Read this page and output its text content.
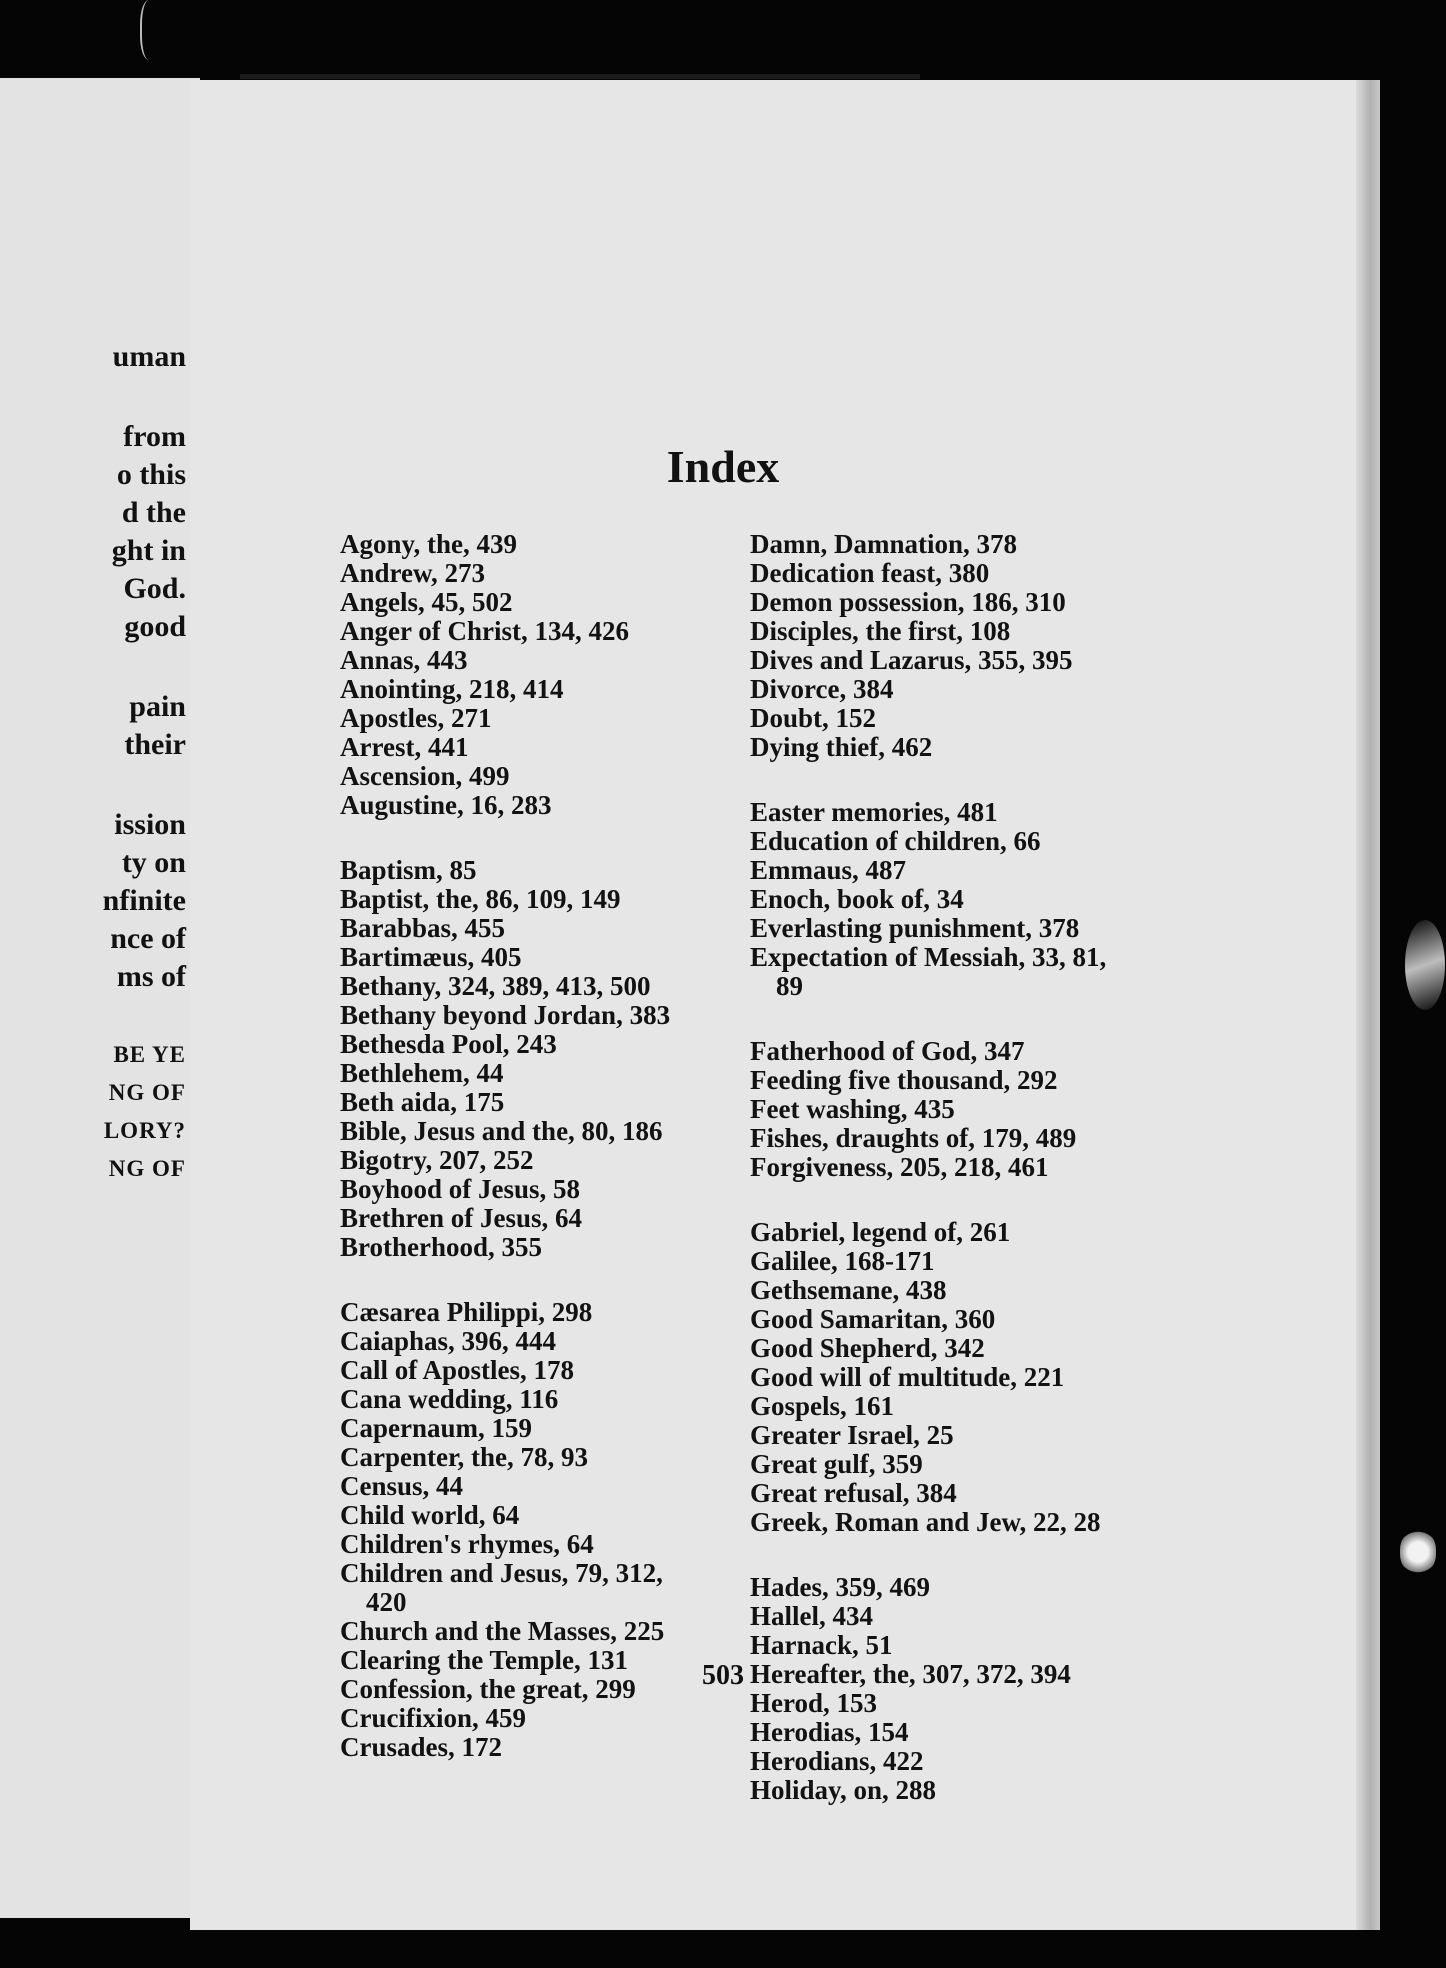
uman
from
o this
d the
ght in
God.
good
pain
their
ission
ty on
nfinite
nce of
ms of
BE YE
NG OF
LORY?
NG OF
Index
Agony, the, 439
Andrew, 273
Angels, 45, 502
Anger of Christ, 134, 426
Annas, 443
Anointing, 218, 414
Apostles, 271
Arrest, 441
Ascension, 499
Augustine, 16, 283
Baptism, 85
Baptist, the, 86, 109, 149
Barabbas, 455
Bartimæus, 405
Bethany, 324, 389, 413, 500
Bethany beyond Jordan, 383
Bethesda Pool, 243
Bethlehem, 44
Beth aida, 175
Bible, Jesus and the, 80, 186
Bigotry, 207, 252
Boyhood of Jesus, 58
Brethren of Jesus, 64
Brotherhood, 355
Cæsarea Philippi, 298
Caiaphas, 396, 444
Call of Apostles, 178
Cana wedding, 116
Capernaum, 159
Carpenter, the, 78, 93
Census, 44
Child world, 64
Children's rhymes, 64
Children and Jesus, 79, 312,
420
Church and the Masses, 225
Clearing the Temple, 131
Confession, the great, 299
Crucifixion, 459
Crusades, 172
Damn, Damnation, 378
Dedication feast, 380
Demon possession, 186, 310
Disciples, the first, 108
Dives and Lazarus, 355, 395
Divorce, 384
Doubt, 152
Dying thief, 462
Easter memories, 481
Education of children, 66
Emmaus, 487
Enoch, book of, 34
Everlasting punishment, 378
Expectation of Messiah, 33, 81,
89
Fatherhood of God, 347
Feeding five thousand, 292
Feet washing, 435
Fishes, draughts of, 179, 489
Forgiveness, 205, 218, 461
Gabriel, legend of, 261
Galilee, 168-171
Gethsemane, 438
Good Samaritan, 360
Good Shepherd, 342
Good will of multitude, 221
Gospels, 161
Greater Israel, 25
Great gulf, 359
Great refusal, 384
Greek, Roman and Jew, 22, 28
Hades, 359, 469
Hallel, 434
Harnack, 51
Hereafter, the, 307, 372, 394
Herod, 153
Herodias, 154
Herodians, 422
Holiday, on, 288
503
